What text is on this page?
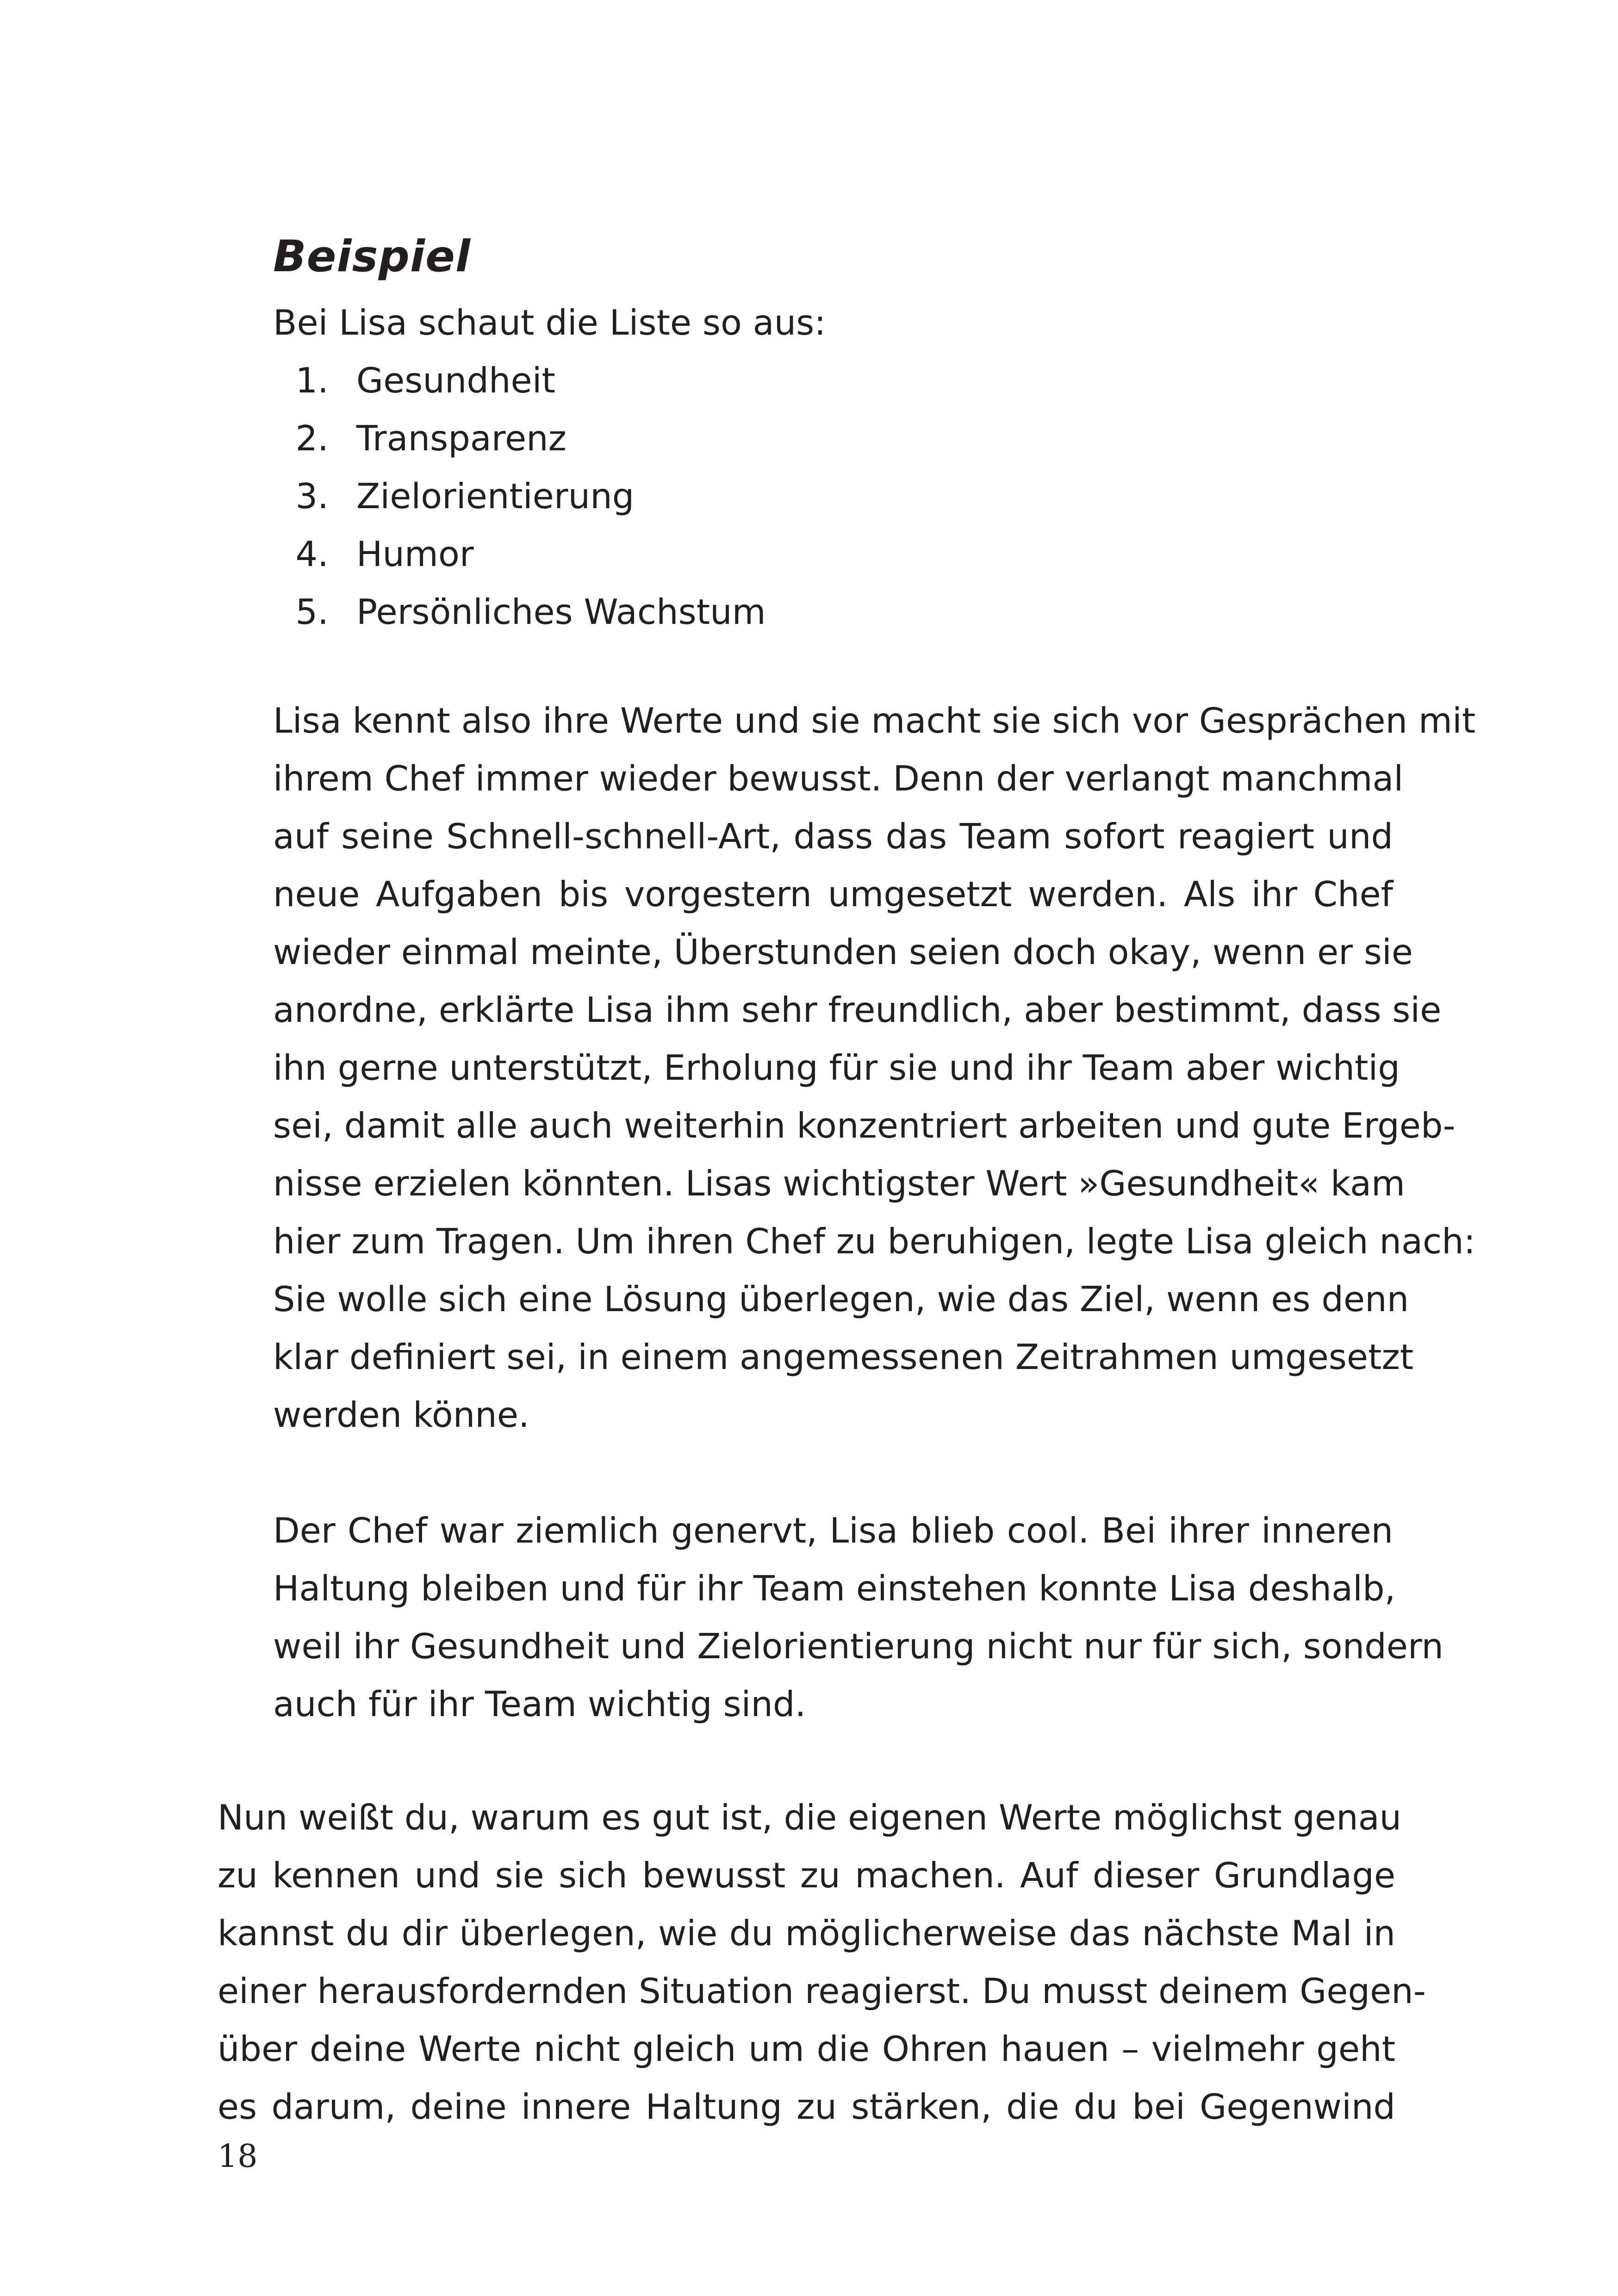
Beispiel

Bei Lisa schaut die Liste so aus:

1. Gesundheit
2. Transparenz
3. Zielorientierung
4. Humor
5. Persönliches Wachstum

Lisa kennt also ihre Werte und sie macht sie sich vor Gesprächen mit
ihrem Chef immer wieder bewusst. Denn der verlangt manchmal
auf seine Schnell-schnell-Art, dass das Team sofort reagiert und
neue Aufgaben bis vorgestern umgesetzt werden. Als ihr Chef
wieder einmal meinte, Überstunden seien doch okay, wenn er sie
anordne, erklärte Lisa ihm sehr freundlich, aber bestimmt, dass sie
ihn gerne unterstützt, Erholung für sie und ihr Team aber wichtig
sei, damit alle auch weiterhin konzentriert arbeiten und gute Ergeb-
nisse erzielen könnten. Lisas wichtigster Wert »Gesundheit« kam
hier zum Tragen. Um ihren Chef zu beruhigen, legte Lisa gleich nach:
Sie wolle sich eine Lösung überlegen, wie das Ziel, wenn es denn
klar definiert sei, in einem angemessenen Zeitrahmen umgesetzt
werden könne.

Der Chef war ziemlich genervt, Lisa blieb cool. Bei ihrer inneren
Haltung bleiben und für ihr Team einstehen konnte Lisa deshalb,
weil ihr Gesundheit und Zielorientierung nicht nur für sich, sondern
auch für ihr Team wichtig sind.

Nun weißt du, warum es gut ist, die eigenen Werte möglichst genau
zu kennen und sie sich bewusst zu machen. Auf dieser Grundlage
kannst du dir überlegen, wie du möglicherweise das nächste Mal in
einer herausfordernden Situation reagierst. Du musst deinem Gegen-
über deine Werte nicht gleich um die Ohren hauen – vielmehr geht
es darum, deine innere Haltung zu stärken, die du bei Gegenwind

18
